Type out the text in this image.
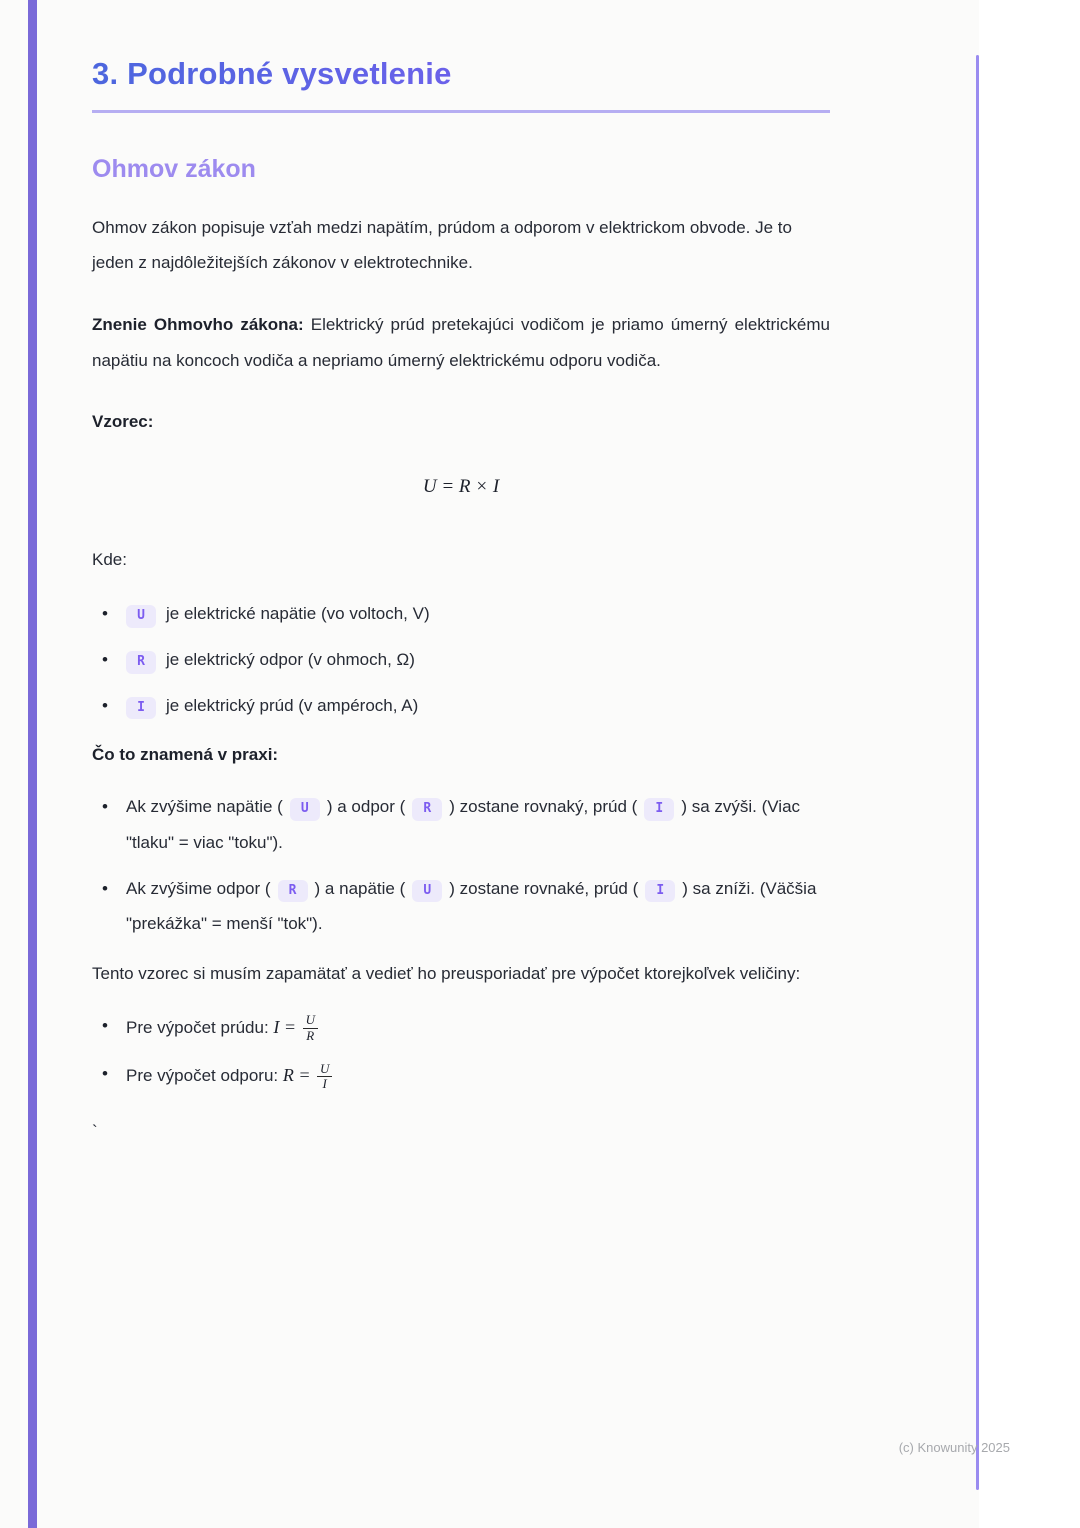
3. Podrobné vysvetlenie
Ohmov zákon

Ohmov zákon popisuje vzťah medzi napätím, prúdom a odporom v elektrickom obvode. Je to jeden z najdôležitejších zákonov v elektrotechnike.

Znenie Ohmovho zákona: Elektrický prúd pretekajúci vodičom je priamo úmerný elektrickému napätiu na koncoch vodiča a nepriamo úmerný elektrickému odporu vodiča.

Vzorec:

U = R × I

Kde:

• U je elektrické napätie (vo voltoch, V)
• R je elektrický odpor (v ohmoch, Ω)
• I je elektrický prúd (v ampéroch, A)

Čo to znamená v praxi:

• Ak zvýšime napätie ( U ) a odpor ( R ) zostane rovnaký, prúd ( I ) sa zvýši. (Viac "tlaku" = viac "toku").
• Ak zvýšime odpor ( R ) a napätie ( U ) zostane rovnaké, prúd ( I ) sa zníži. (Väčšia "prekážka" = menší "tok").

Tento vzorec si musím zapamätať a vedieť ho preusporiadať pre výpočet ktorejkoľvek veličiny:

• Pre výpočet prúdu: $I = \frac{U}{R}$
• Pre výpočet odporu: $R = \frac{U}{I}$

`

(c) Knowunity 2025
